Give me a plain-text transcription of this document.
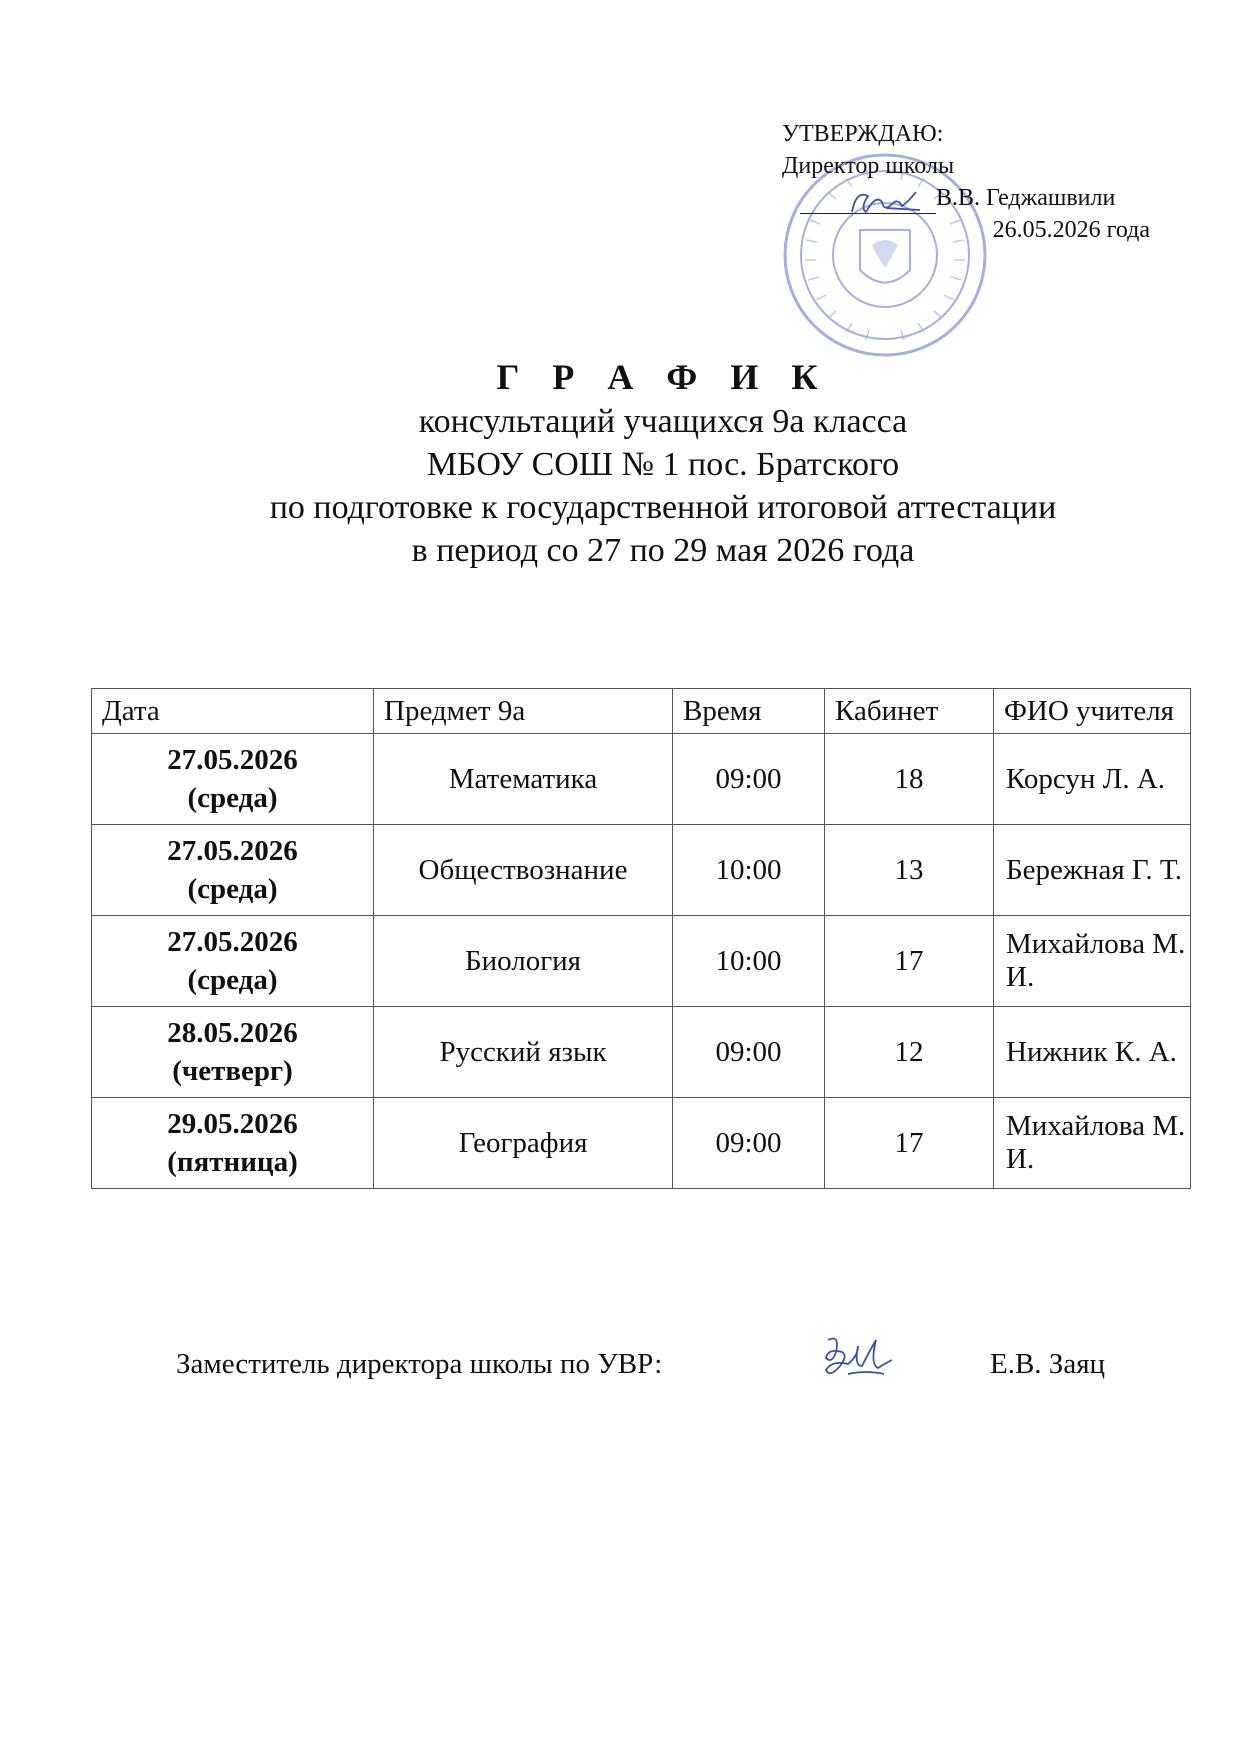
УТВЕРЖДАЮ:
Директор школы
В.В. Геджашвили
26.05.2026 года
Г Р А Ф И К
консультаций учащихся 9а класса
МБОУ СОШ № 1 пос. Братского
по подготовке к государственной итоговой аттестации
в период со 27 по 29 мая 2026 года
Дата	Предмет 9а	Время	Кабинет	ФИО учителя

27.05.2026
(среда)	Математика	09:00	18	Корсун Л. А.

27.05.2026
(среда)	Обществознание	10:00	13	Бережная Г. Т.

27.05.2026
(среда)	Биология	10:00	17	Михайлова М. И.

28.05.2026
(четверг)	Русский язык	09:00	12	Нижник К. А.

29.05.2026
(пятница)	География	09:00	17	Михайлова М. И.
Заместитель директора школы по УВР:	Е.В. Заяц
